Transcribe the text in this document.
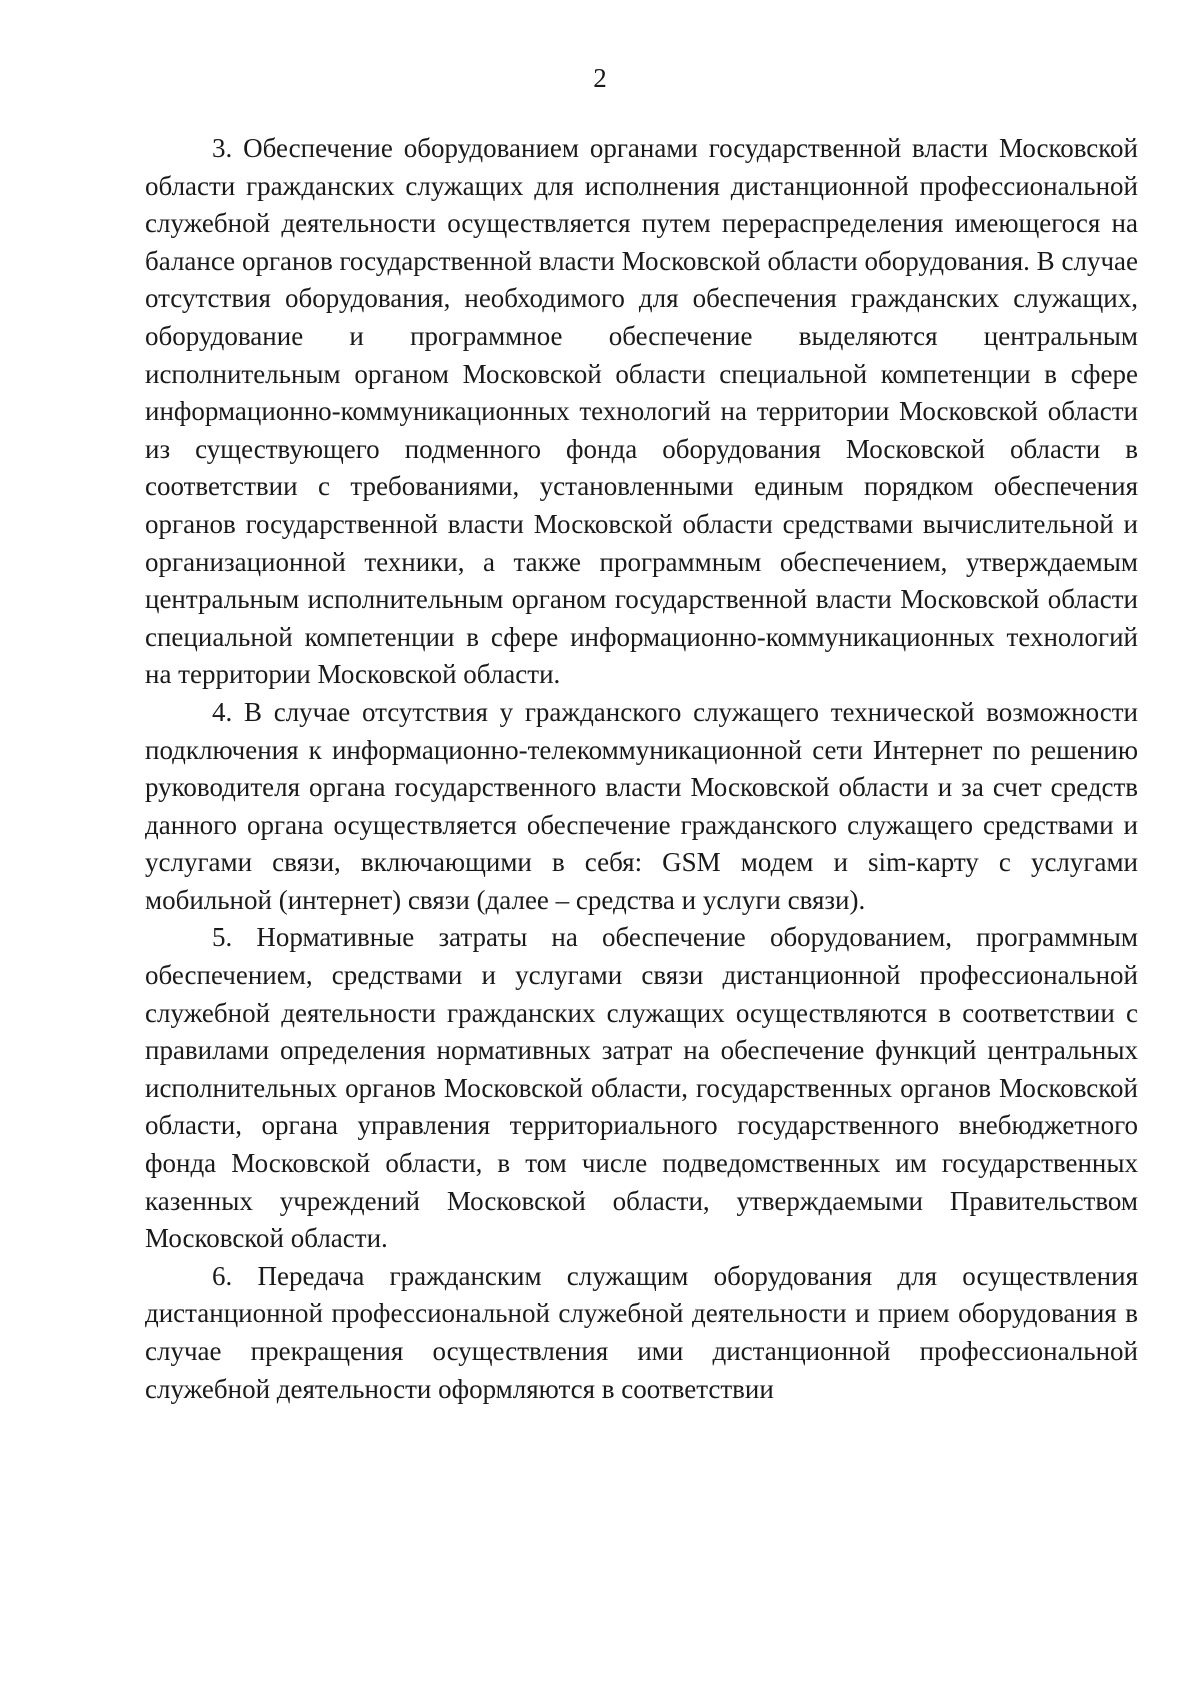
2

3. Обеспечение оборудованием органами государственной власти Московской области гражданских служащих для исполнения дистанционной профессиональной служебной деятельности осуществляется путем перераспределения имеющегося на балансе органов государственной власти Московской области оборудования. В случае отсутствия оборудования, необходимого для обеспечения гражданских служащих, оборудование и программное обеспечение выделяются центральным исполнительным органом Московской области специальной компетенции в сфере информационно-коммуникационных технологий на территории Московской области из существующего подменного фонда оборудования Московской области в соответствии с требованиями, установленными единым порядком обеспечения органов государственной власти Московской области средствами вычислительной и организационной техники, а также программным обеспечением, утверждаемым центральным исполнительным органом государственной власти Московской области специальной компетенции в сфере информационно-коммуникационных технологий на территории Московской области.

4. В случае отсутствия у гражданского служащего технической возможности подключения к информационно-телекоммуникационной сети Интернет по решению руководителя органа государственного власти Московской области и за счет средств данного органа осуществляется обеспечение гражданского служащего средствами и услугами связи, включающими в себя: GSM модем и sim-карту с услугами мобильной (интернет) связи (далее – средства и услуги связи).

5. Нормативные затраты на обеспечение оборудованием, программным обеспечением, средствами и услугами связи дистанционной профессиональной служебной деятельности гражданских служащих осуществляются в соответствии с правилами определения нормативных затрат на обеспечение функций центральных исполнительных органов Московской области, государственных органов Московской области, органа управления территориального государственного внебюджетного фонда Московской области, в том числе подведомственных им государственных казенных учреждений Московской области, утверждаемыми Правительством Московской области.

6. Передача гражданским служащим оборудования для осуществления дистанционной профессиональной служебной деятельности и прием оборудования в случае прекращения осуществления ими дистанционной профессиональной служебной деятельности оформляются в соответствии
